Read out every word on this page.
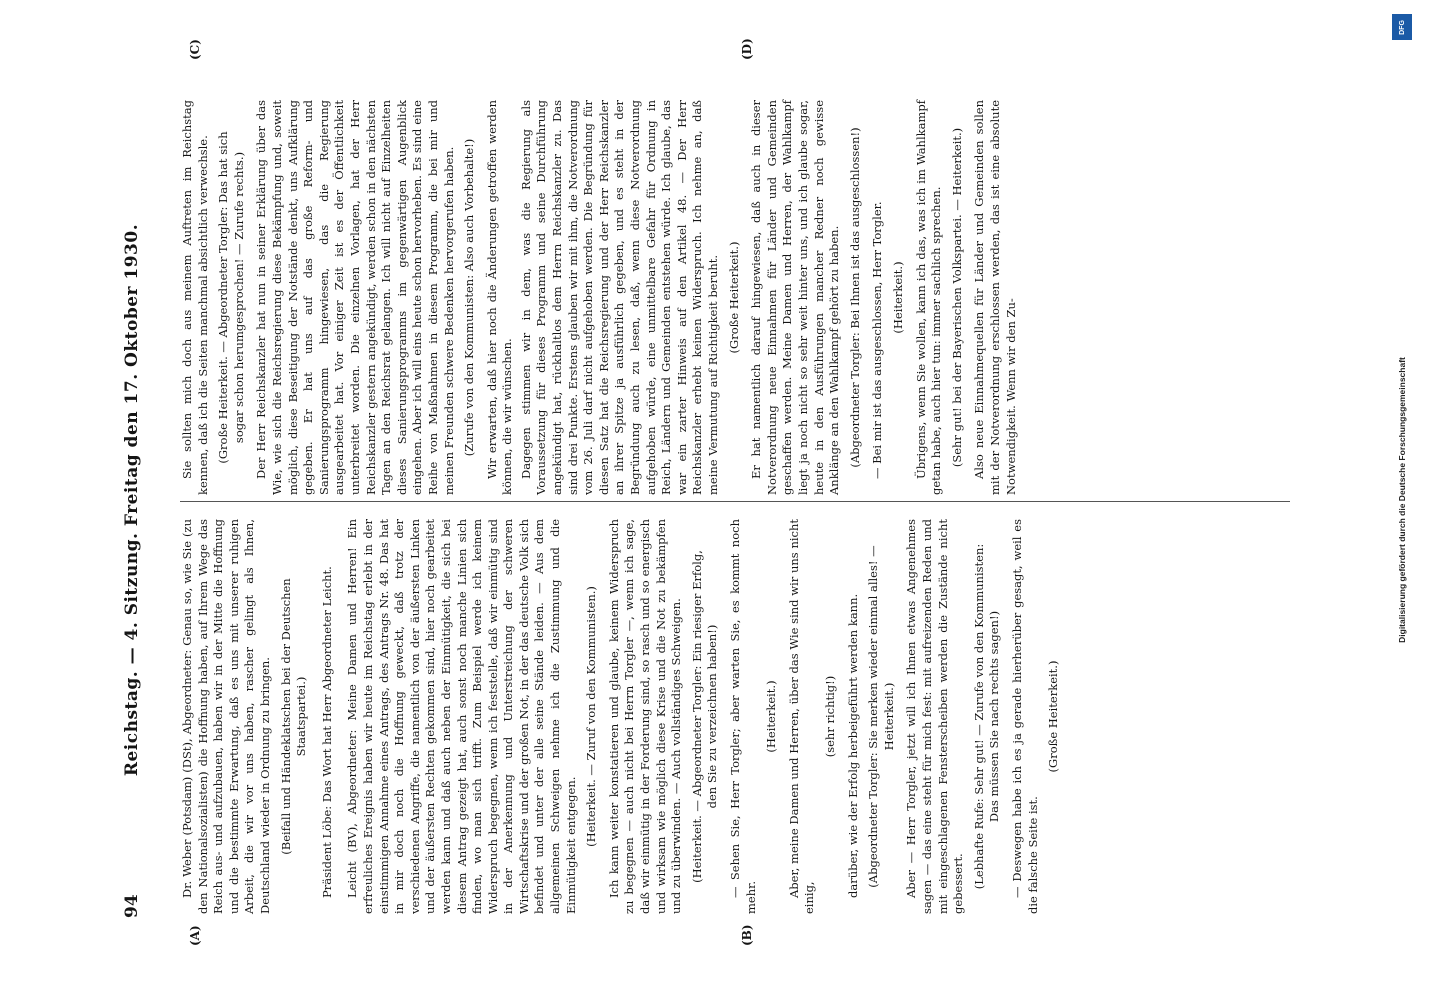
Reichstag. — 4. Sitzung. Freitag den 17. Oktober 1930.
94
(A)	(B)
(C)	(D)

Dr. Weber (Potsdam) (DSt), Abgeordneter: Genau so, wie Sie (zu den Nationalsozialisten) die Hoffnung haben, auf Ihrem Wege das Reich aus- und aufzubauen, haben wir in der Mitte die Hoffnung und die bestimmte Erwartung, daß es uns mit unserer ruhigen Arbeit, die wir vor uns haben, rascher gelingt als Ihnen, Deutschland wieder in Ordnung zu bringen. (Beifall und Händeklatschen bei der Deutschen Staatspartei.) Präsident Löbe: Das Wort hat Herr Abgeordneter Leicht. Leicht (BV), Abgeordneter: Meine Damen und Herren! Ein erfreuliches Ereignis haben wir heute im Reichstag erlebt in der einstimmigen Annahme eines Antrags, des Antrags Nr. 48. Das hat in mir doch noch die Hoffnung geweckt, daß trotz der verschiedenen Angriffe, die namentlich von der äußersten Linken und der äußersten Rechten gekommen sind, hier noch gearbeitet werden kann und daß auch neben der Einmütigkeit, die sich bei diesem Antrag gezeigt hat, auch sonst noch manche Linien sich finden, wo man sich trifft. Zum Beispiel werde ich keinem Widerspruch begegnen, wenn ich feststelle, daß wir einmütig sind in der Anerkennung und Unterstreichung der schweren Wirtschaftskrise und der großen Not, in der das deutsche Volk sich befindet und unter der alle seine Stände leiden. — Aus dem allgemeinen Schweigen nehme ich die Zustimmung und die Einmütigkeit entgegen. (Heiterkeit. — Zuruf von den Kommunisten.) Ich kann weiter konstatieren und glaube, keinem Widerspruch zu begegnen — auch nicht bei Herrn Torgler —, wenn ich sage, daß wir einmütig in der Forderung sind, so rasch und so energisch und wirksam wie möglich diese Krise und die Not zu bekämpfen und zu überwinden. — Auch vollständiges Schweigen. (Heiterkeit. — Abgeordneter Torgler: Ein riesiger Erfolg, den Sie zu verzeichnen haben!) — Sehen Sie, Herr Torgler; aber warten Sie, es kommt noch mehr.

(Heiterkeit.) Aber, meine Damen und Herren, über das Wie sind wir uns nicht einig,

(sehr richtig!) darüber, wie der Erfolg herbeigeführt werden kann. (Abgeordneter Torgler: Sie merken wieder einmal alles! — Heiterkeit.) Aber — Herr Torgler, jetzt will ich Ihnen etwas Angenehmes sagen — das eine steht für mich fest: mit aufreizenden Reden und mit eingeschlagenen Fensterscheiben werden die Zustände nicht gebessert. (Lebhafte Rufe: Sehr gut! — Zurufe von den Kommunisten: Das müssen Sie nach rechts sagen!) — Deswegen habe ich es ja gerade hierherüber gesagt, weil es die falsche Seite ist.

(Große Heiterkeit.)

Sie sollten mich doch aus meinem Auftreten im Reichstag kennen, daß ich die Seiten manchmal absichtlich verwechsle. (Große Heiterkeit. — Abgeordneter Torgler: Das hat sich sogar schon herumgesprochen! — Zurufe rechts.) Der Herr Reichskanzler hat nun in seiner Erklärung über das Wie, wie sich die Reichsregierung diese Bekämpfung und, soweit möglich, diese Beseitigung der Notstände denkt, uns Aufklärung gegeben. Er hat uns auf das große Reform- und Sanierungsprogramm hingewiesen, das die Regierung ausgearbeitet hat. Vor einiger Zeit ist es der Öffentlichkeit unterbreitet worden. Die einzelnen Vorlagen, hat der Herr Reichskanzler gestern angekündigt, werden schon in den nächsten Tagen an den Reichsrat gelangen. Ich will nicht auf Einzelheiten dieses Sanierungsprogramms im gegenwärtigen Augenblick eingehen. Aber ich will eins heute schon hervorheben. Es sind eine Reihe von Maßnahmen in diesem Programm, die bei mir und meinen Freunden schwere Bedenken hervorgerufen haben. (Zurufe von den Kommunisten: Also auch Vorbehalte!) Wir erwarten, daß hier noch die Änderungen getroffen werden können, die wir wünschen. Dagegen stimmen wir in dem, was die Regierung als Voraussetzung für dieses Programm und seine Durchführung angekündigt hat, rückhaltlos dem Herrn Reichskanzler zu. Das sind drei Punkte. Erstens glauben wir mit ihm, die Notverordnung vom 26. Juli darf nicht aufgehoben werden. Die Begründung für diesen Satz hat die Reichsregierung und der Herr Reichskanzler an ihrer Spitze ja ausführlich gegeben, und es steht in der Begründung auch zu lesen, daß, wenn diese Notverordnung aufgehoben würde, eine unmittelbare Gefahr für Ordnung in Reich, Ländern und Gemeinden entstehen würde. Ich glaube, das war ein zarter Hinweis auf den Artikel 48. — Der Herr Reichskanzler erhebt keinen Widerspruch. Ich nehme an, daß meine Vermutung auf Richtigkeit beruht. (Große Heiterkeit.) Er hat namentlich darauf hingewiesen, daß auch in dieser Notverordnung neue Einnahmen für Länder und Gemeinden geschaffen werden. Meine Damen und Herren, der Wahlkampf liegt ja noch nicht so sehr weit hinter uns, und ich glaube sogar, heute in den Ausführungen mancher Redner noch gewisse Anklänge an den Wahlkampf gehört zu haben. (Abgeordneter Torgler: Bei Ihnen ist das ausgeschlossen!) — Bei mir ist das ausgeschlossen, Herr Torgler. (Heiterkeit.) Übrigens, wenn Sie wollen, kann ich das, was ich im Wahlkampf getan habe, auch hier tun: immer sachlich sprechen. (Sehr gut! bei der Bayerischen Volkspartei. — Heiterkeit.) Also neue Einnahmequellen für Länder und Gemeinden sollen mit der Notverordnung erschlossen werden, das ist eine absolute Notwendigkeit. Wenn wir den Zu-

DFG
Digitalisierung gefördert durch die Deutsche Forschungsgemeinschaft
